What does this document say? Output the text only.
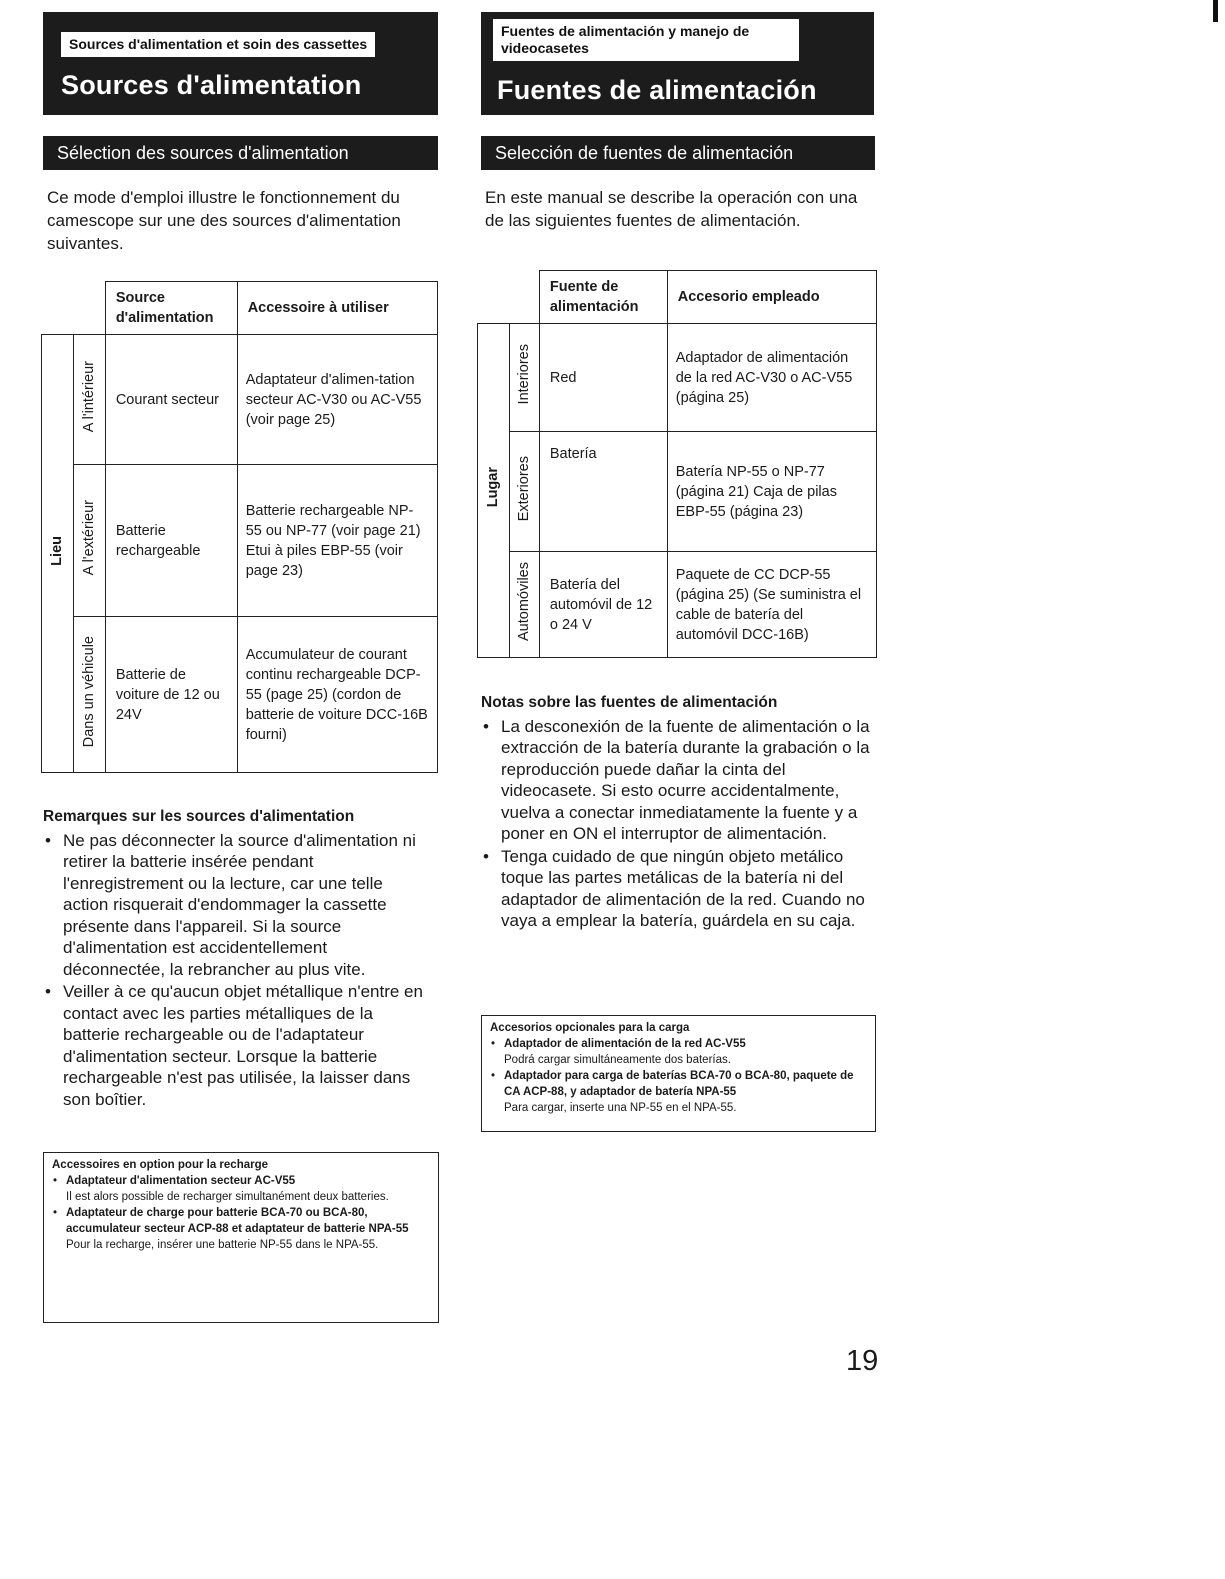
Sources d'alimentation et soin des cassettes
Sources d'alimentation
Sélection des sources d'alimentation
Ce mode d'emploi illustre le fonctionnement du camescope sur une des sources d'alimentation suivantes.
		Source d'alimentation	Accessoire à utiliser
Lieu	A l'intérieur	Courant secteur	Adaptateur d'alimen-tation secteur AC-V30 ou AC-V55 (voir page 25)
	A l'extérieur	Batterie rechargeable	Batterie rechargeable NP-55 ou NP-77 (voir page 21) Etui à piles EBP-55 (voir page 23)
	Dans un véhicule	Batterie de voiture de 12 ou 24V	Accumulateur de courant continu rechargeable DCP-55 (page 25) (cordon de batterie de voiture DCC-16B fourni)
Remarques sur les sources d'alimentation
• Ne pas déconnecter la source d'alimentation ni retirer la batterie insérée pendant l'enregistrement ou la lecture, car une telle action risquerait d'endommager la cassette présente dans l'appareil. Si la source d'alimentation est accidentellement déconnectée, la rebrancher au plus vite.
• Veiller à ce qu'aucun objet métallique n'entre en contact avec les parties métalliques de la batterie rechargeable ou de l'adaptateur d'alimentation secteur. Lorsque la batterie rechargeable n'est pas utilisée, la laisser dans son boîtier.
Accessoires en option pour la recharge
• Adaptateur d'alimentation secteur AC-V55
Il est alors possible de recharger simultanément deux batteries.
• Adaptateur de charge pour batterie BCA-70 ou BCA-80, accumulateur secteur ACP-88 et adaptateur de batterie NPA-55
Pour la recharge, insérer une batterie NP-55 dans le NPA-55.
Fuentes de alimentación y manejo de videocasetes
Fuentes de alimentación
Selección de fuentes de alimentación
En este manual se describe la operación con una de las siguientes fuentes de alimentación.
		Fuente de alimentación	Accesorio empleado
Lugar	Interiores	Red	Adaptador de alimentación de la red AC-V30 o AC-V55 (página 25)
	Exteriores	Batería	Batería NP-55 o NP-77 (página 21) Caja de pilas EBP-55 (página 23)
	Automóviles	Batería del automóvil de 12 o 24 V	Paquete de CC DCP-55 (página 25) (Se suministra el cable de batería del automóvil DCC-16B)
Notas sobre las fuentes de alimentación
• La desconexión de la fuente de alimentación o la extracción de la batería durante la grabación o la reproducción puede dañar la cinta del videocasete. Si esto ocurre accidentalmente, vuelva a conectar inmediatamente la fuente y a poner en ON el interruptor de alimentación.
• Tenga cuidado de que ningún objeto metálico toque las partes metálicas de la batería ni del adaptador de alimentación de la red. Cuando no vaya a emplear la batería, guárdela en su caja.
Accesorios opcionales para la carga
• Adaptador de alimentación de la red AC-V55
Podrá cargar simultáneamente dos baterías.
• Adaptador para carga de baterías BCA-70 o BCA-80, paquete de CA ACP-88, y adaptador de batería NPA-55
Para cargar, inserte una NP-55 en el NPA-55.
19
